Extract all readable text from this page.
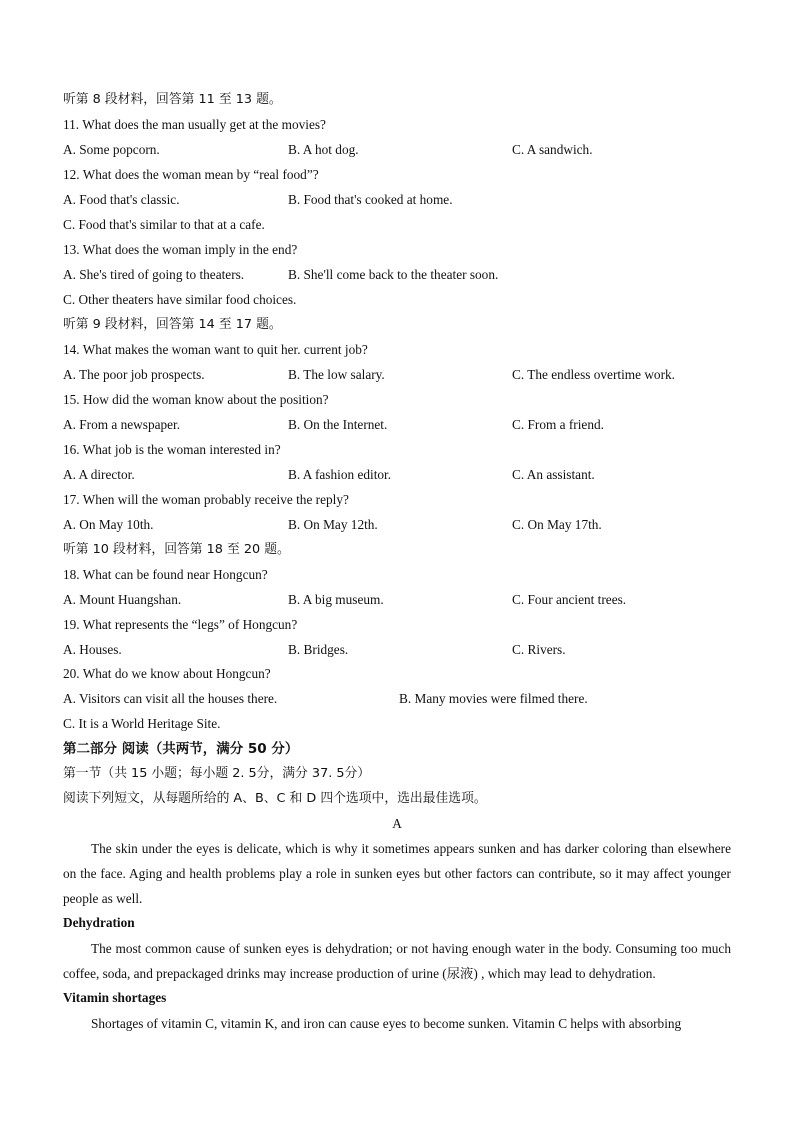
听第 8 段材料，回答第 11 至 13 题。
11. What does the man usually get at the movies?
A. Some popcorn.	B. A hot dog.	C. A sandwich.
12. What does the woman mean by “real food”?
A. Food that's classic.	B. Food that's cooked at home.
C. Food that's similar to that at a cafe.
13. What does the woman imply in the end?
A. She's tired of going to theaters.	B. She'll come back to the theater soon.
C. Other theaters have similar food choices.
听第 9 段材料，回答第 14 至 17 题。
14. What makes the woman want to quit her. current job?
A. The poor job prospects.	B. The low salary.	C. The endless overtime work.
15. How did the woman know about the position?
A. From a newspaper.	B. On the Internet.	C. From a friend.
16. What job is the woman interested in?
A. A director.	B. A fashion editor.	C. An assistant.
17. When will the woman probably receive the reply?
A. On May 10th.	B. On May 12th.	C. On May 17th.
听第 10 段材料，回答第 18 至 20 题。
18. What can be found near Hongcun?
A. Mount Huangshan.	B. A big museum.	C. Four ancient trees.
19. What represents the “legs” of Hongcun?
A. Houses.	B. Bridges.	C. Rivers.
20. What do we know about Hongcun?
A. Visitors can visit all the houses there.	B. Many movies were filmed there.
C. It is a World Heritage Site.
第二部分 阅读（共两节，满分 50 分）
第一节（共 15 小题；每小题 2. 5分，满分 37. 5分）
阅读下列短文，从每题所给的 A、B、C 和 D 四个选项中，选出最佳选项。
A
The skin under the eyes is delicate, which is why it sometimes appears sunken and has darker coloring than elsewhere on the face. Aging and health problems play a role in sunken eyes but other factors can contribute, so it may affect younger people as well.
Dehydration
The most common cause of sunken eyes is dehydration; or not having enough water in the body. Consuming too much coffee, soda, and prepackaged drinks may increase production of urine (尿液) , which may lead to dehydration.
Vitamin shortages
Shortages of vitamin C, vitamin K, and iron can cause eyes to become sunken. Vitamin C helps with absorbing
